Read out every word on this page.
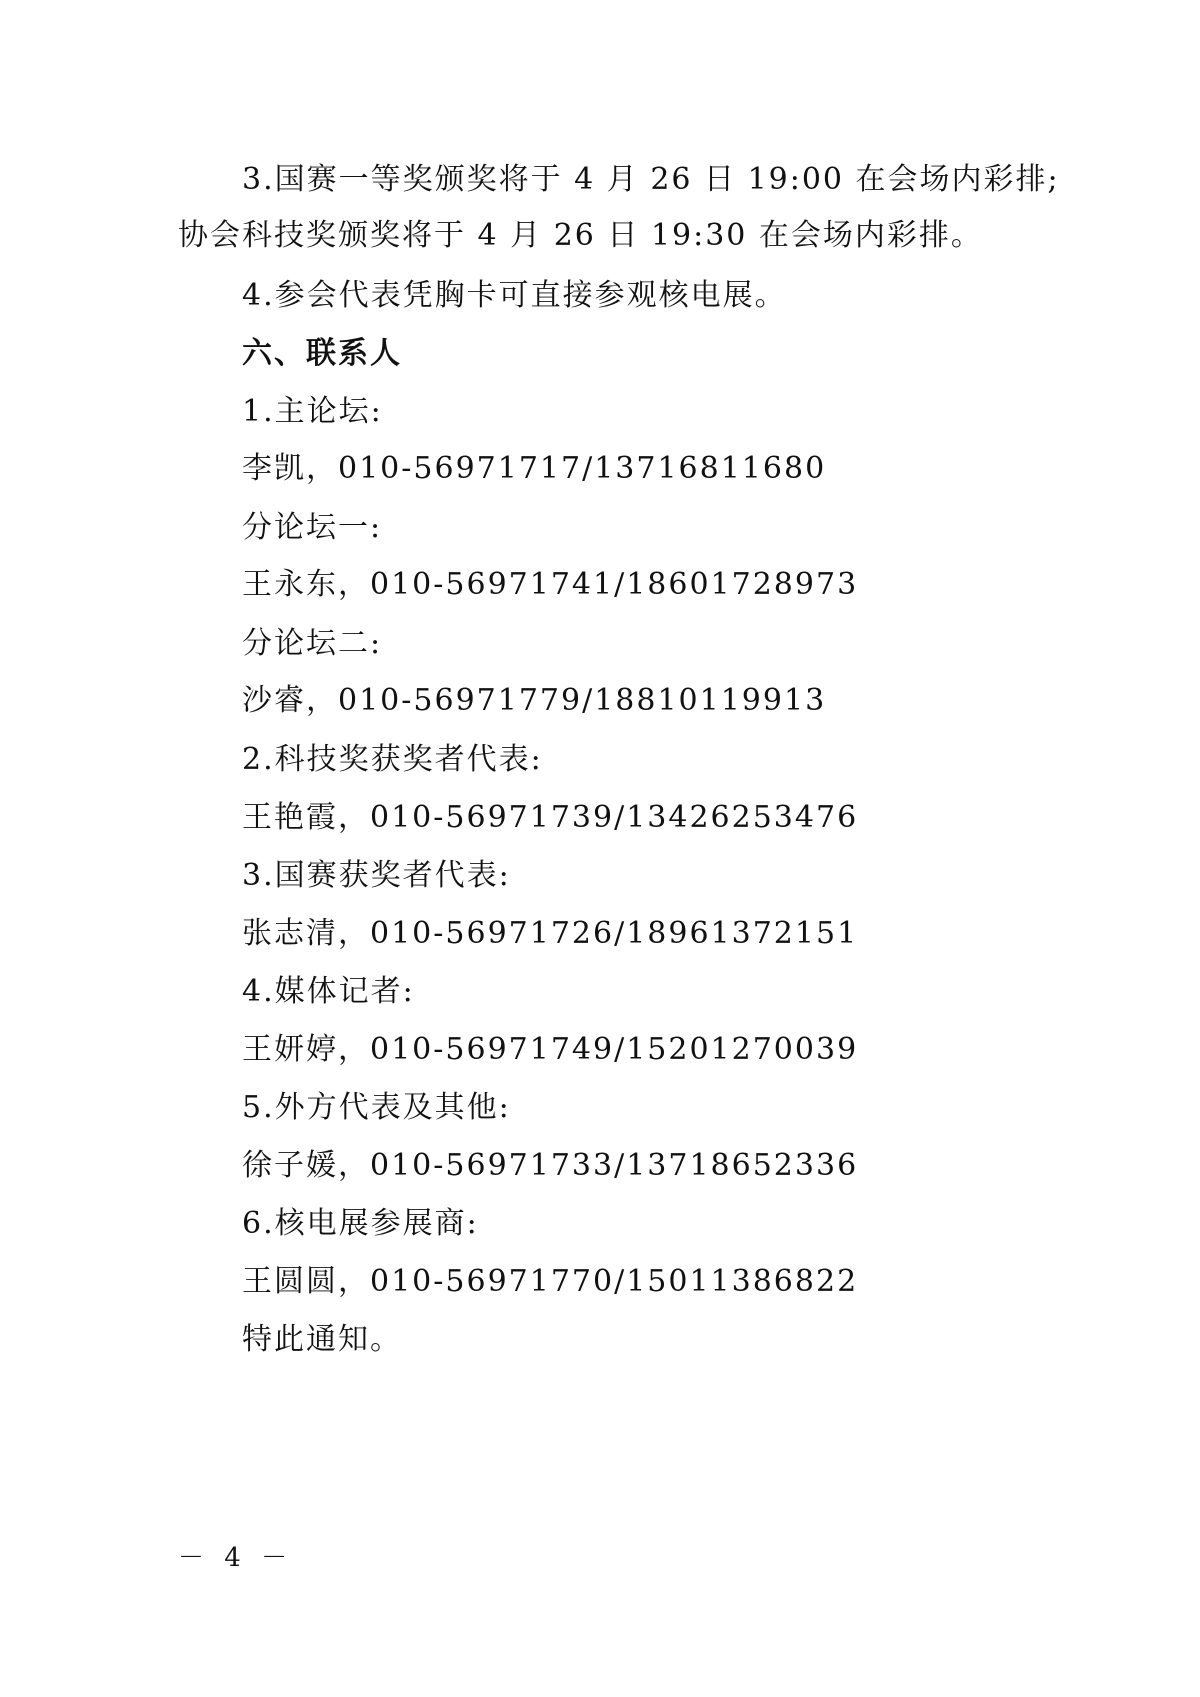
3.国赛一等奖颁奖将于 4 月 26 日 19:00 在会场内彩排;
协会科技奖颁奖将于 4 月 26 日 19:30 在会场内彩排。
4.参会代表凭胸卡可直接参观核电展。
六、联系人
1.主论坛:
李凯，010-56971717/13716811680
分论坛一:
王永东，010-56971741/18601728973
分论坛二:
沙睿，010-56971779/18810119913
2.科技奖获奖者代表:
王艳霞，010-56971739/13426253476
3.国赛获奖者代表:
张志清，010-56971726/18961372151
4.媒体记者:
王妍婷，010-56971749/15201270039
5.外方代表及其他:
徐子媛，010-56971733/13718652336
6.核电展参展商:
王圆圆，010-56971770/15011386822
特此通知。
－ 4 －
